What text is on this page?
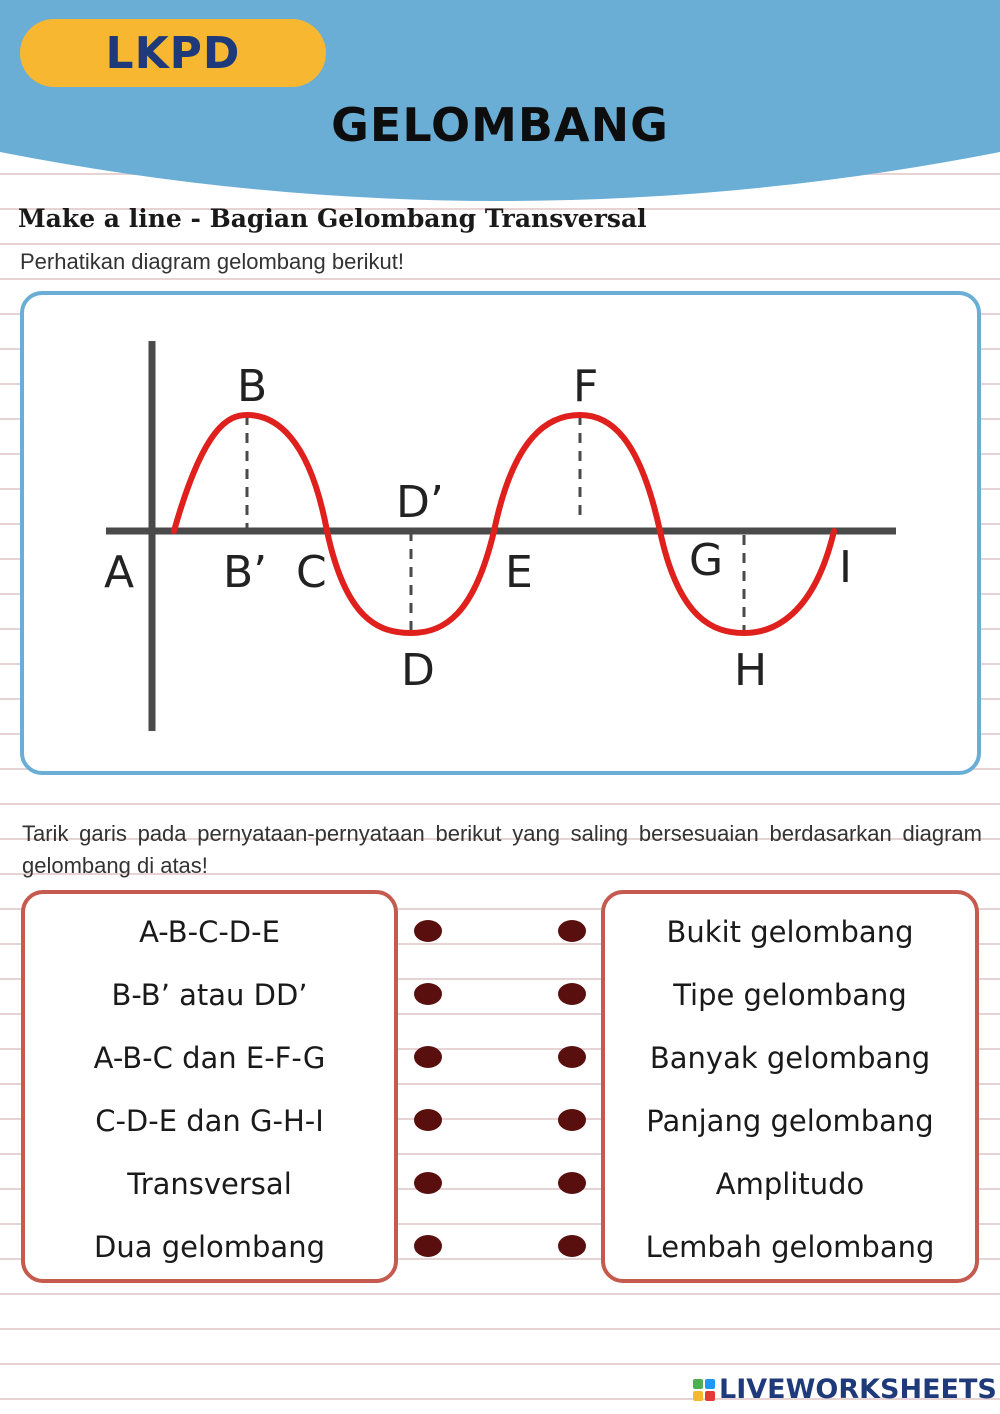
LKPD
GELOMBANG
Make a line - Bagian Gelombang Transversal
Perhatikan diagram gelombang berikut!
A
B
B’ C
D’
D
E
F
G
H
I
Tarik garis pada pernyataan-pernyataan berikut yang saling bersesuaian berdasarkan diagram gelombang di atas!
A-B-C-D-E
B-B’ atau DD’
A-B-C dan E-F-G
C-D-E dan G-H-I
Transversal
Dua gelombang
Bukit gelombang
Tipe gelombang
Banyak gelombang
Panjang gelombang
Amplitudo
Lembah gelombang
LIVEWORKSHEETS
